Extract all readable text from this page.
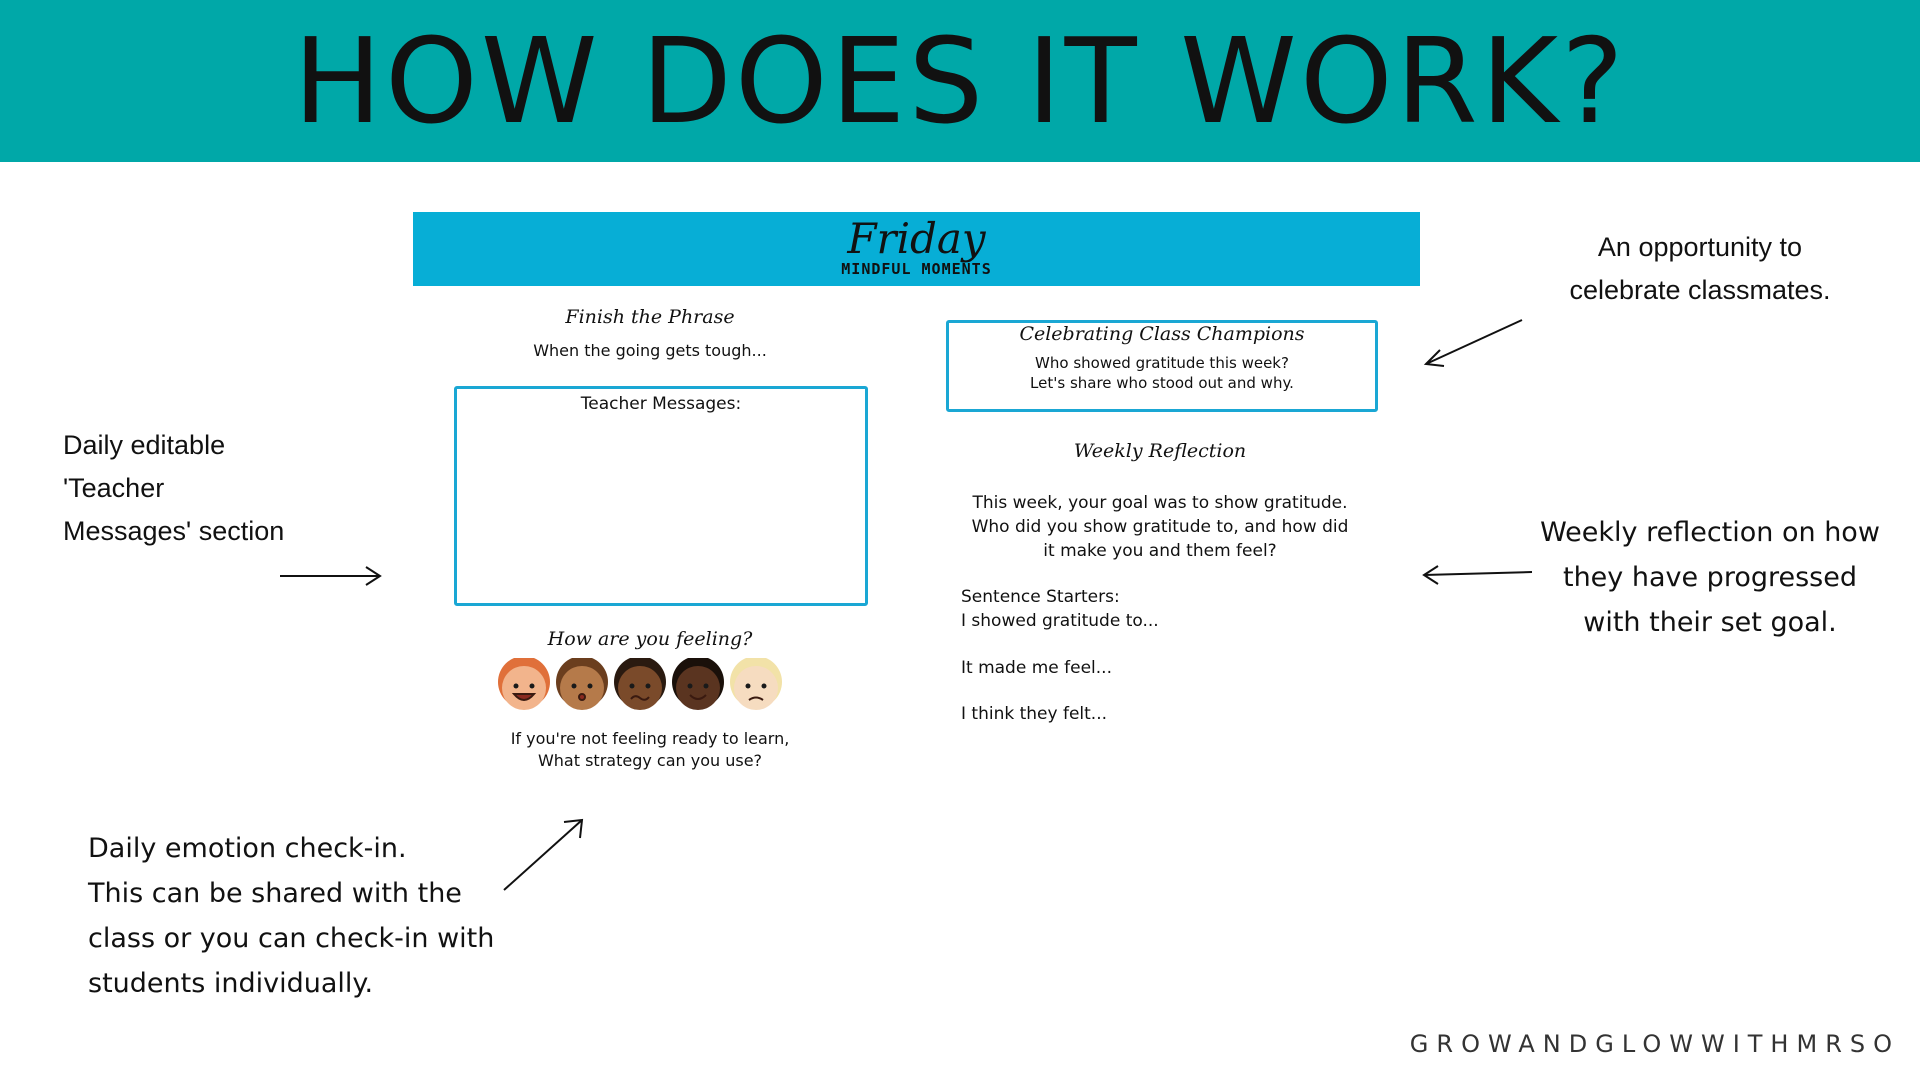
HOW DOES IT WORK?
Friday
MINDFUL MOMENTS
Finish the Phrase
When the going gets tough...
Teacher Messages:
How are you feeling?
If you're not feeling ready to learn,
What strategy can you use?
Celebrating Class Champions
Who showed gratitude this week?
Let's share who stood out and why.
Weekly Reflection
This week, your goal was to show gratitude.
Who did you show gratitude to, and how did
it make you and them feel?
Sentence Starters:
I showed gratitude to...
It made me feel...
I think they felt...
An opportunity to
celebrate classmates.
Daily editable
'Teacher
Messages' section	Weekly reflection on how
they have progressed
with their set goal.
Daily emotion check-in.
This can be shared with the
class or you can check-in with
students individually.
GROWANDGLOWWITHMRSO
